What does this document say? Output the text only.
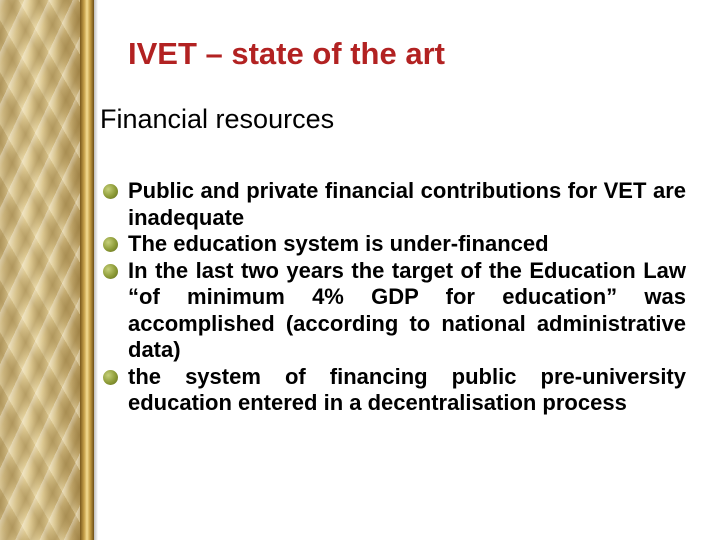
IVET – state of the art
Financial resources
Public and private financial contributions for VET are inadequate
The education system is under-financed
In the last two years the target of the Education Law “of minimum 4% GDP for education” was accomplished (according to national administrative data)
the system of financing public pre-university education entered in a decentralisation process
